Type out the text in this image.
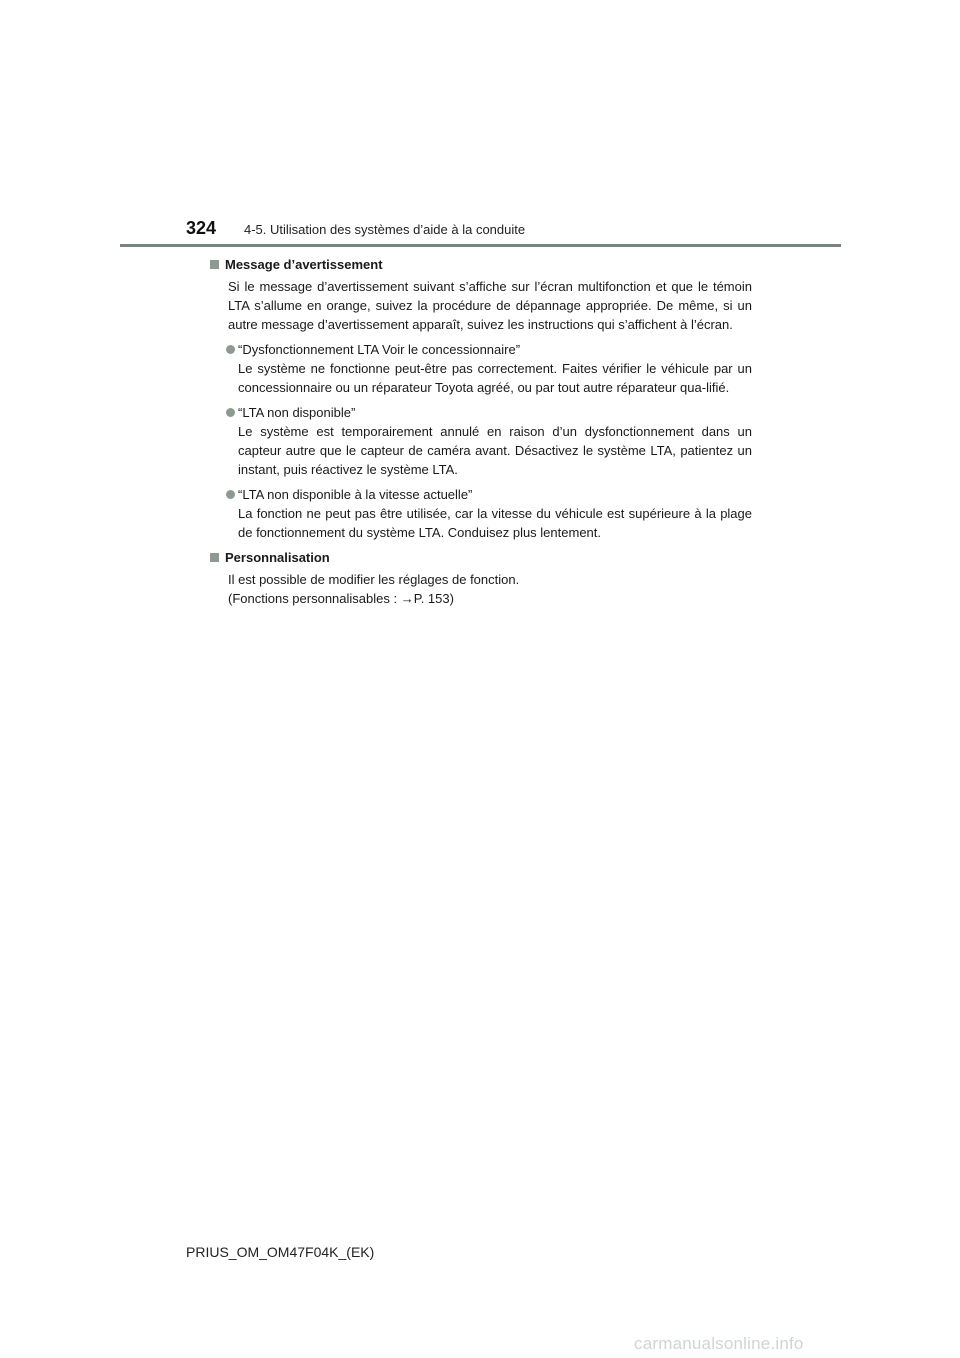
324 4-5. Utilisation des systèmes d’aide à la conduite
Message d’avertissement
Si le message d’avertissement suivant s’affiche sur l’écran multifonction et que le témoin LTA s’allume en orange, suivez la procédure de dépannage appropriée. De même, si un autre message d’avertissement apparaît, suivez les instructions qui s’affichent à l’écran.
“Dysfonctionnement LTA Voir le concessionnaire”
Le système ne fonctionne peut-être pas correctement. Faites vérifier le véhicule par un concessionnaire ou un réparateur Toyota agréé, ou par tout autre réparateur qua-lifié.
“LTA non disponible”
Le système est temporairement annulé en raison d’un dysfonctionnement dans un capteur autre que le capteur de caméra avant. Désactivez le système LTA, patientez un instant, puis réactivez le système LTA.
“LTA non disponible à la vitesse actuelle”
La fonction ne peut pas être utilisée, car la vitesse du véhicule est supérieure à la plage de fonctionnement du système LTA. Conduisez plus lentement.
Personnalisation
Il est possible de modifier les réglages de fonction.
(Fonctions personnalisables : →P. 153)
PRIUS_OM_OM47F04K_(EK)
carmanualsonline.info
